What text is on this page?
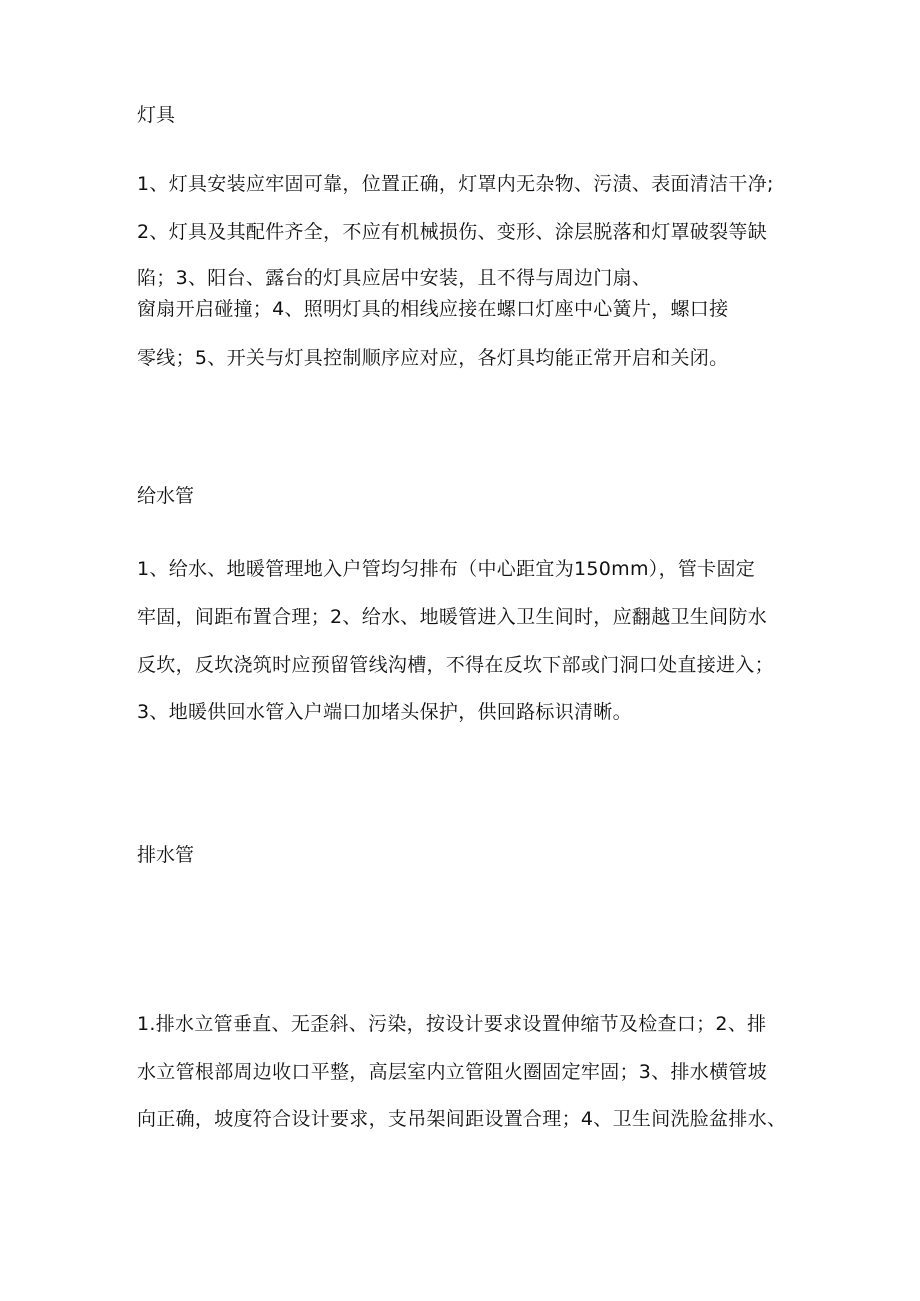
灯具
1、灯具安装应牢固可靠，位置正确，灯罩内无杂物、污渍、表面清洁干净;
2、灯具及其配件齐全，不应有机械损伤、变形、涂层脱落和灯罩破裂等缺
陷；3、阳台、露台的灯具应居中安装，且不得与周边门扇、
窗扇开启碰撞；4、照明灯具的相线应接在螺口灯座中心簧片，螺口接
零线；5、开关与灯具控制顺序应对应，各灯具均能正常开启和关闭。
给水管
1、给水、地暖管理地入户管均匀排布（中心距宜为150mm），管卡固定
牢固，间距布置合理；2、给水、地暖管进入卫生间时，应翻越卫生间防水
反坎，反坎浇筑时应预留管线沟槽，不得在反坎下部或门洞口处直接进入；
3、地暖供回水管入户端口加堵头保护，供回路标识清晰。
排水管
1.排水立管垂直、无歪斜、污染，按设计要求设置伸缩节及检查口；2、排
水立管根部周边收口平整，高层室内立管阻火圈固定牢固；3、排水横管坡
向正确，坡度符合设计要求，支吊架间距设置合理；4、卫生间洗脸盆排水、
